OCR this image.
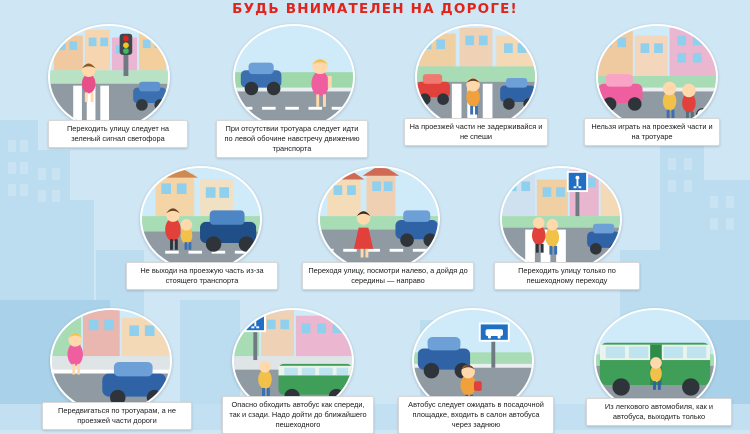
БУДЬ ВНИМАТЕЛЕН НА ДОРОГЕ!
Переходить улицу следует на зеленый сигнал светофора
При отсутствии тротуара следует идти по левой обочине навстречу движению транспорта
На проезжей части не задерживайся и не спеши
Нельзя играть на проезжей части и на тротуаре
Не выходи на проезжую часть из-за стоящего транспорта
Переходя улицу, посмотри налево, а дойдя до середины — направо
Переходить улицу только по пешеходному переходу
Передвигаться по тротуарам, а не проезжей части дороги
Опасно обходить автобус как спереди, так и сзади. Надо дойти до ближайшего пешеходного
Автобус следует ожидать в посадочной площадке, входить в салон автобуса через заднюю
Из легкового автомобиля, как и автобуса, выходить только
